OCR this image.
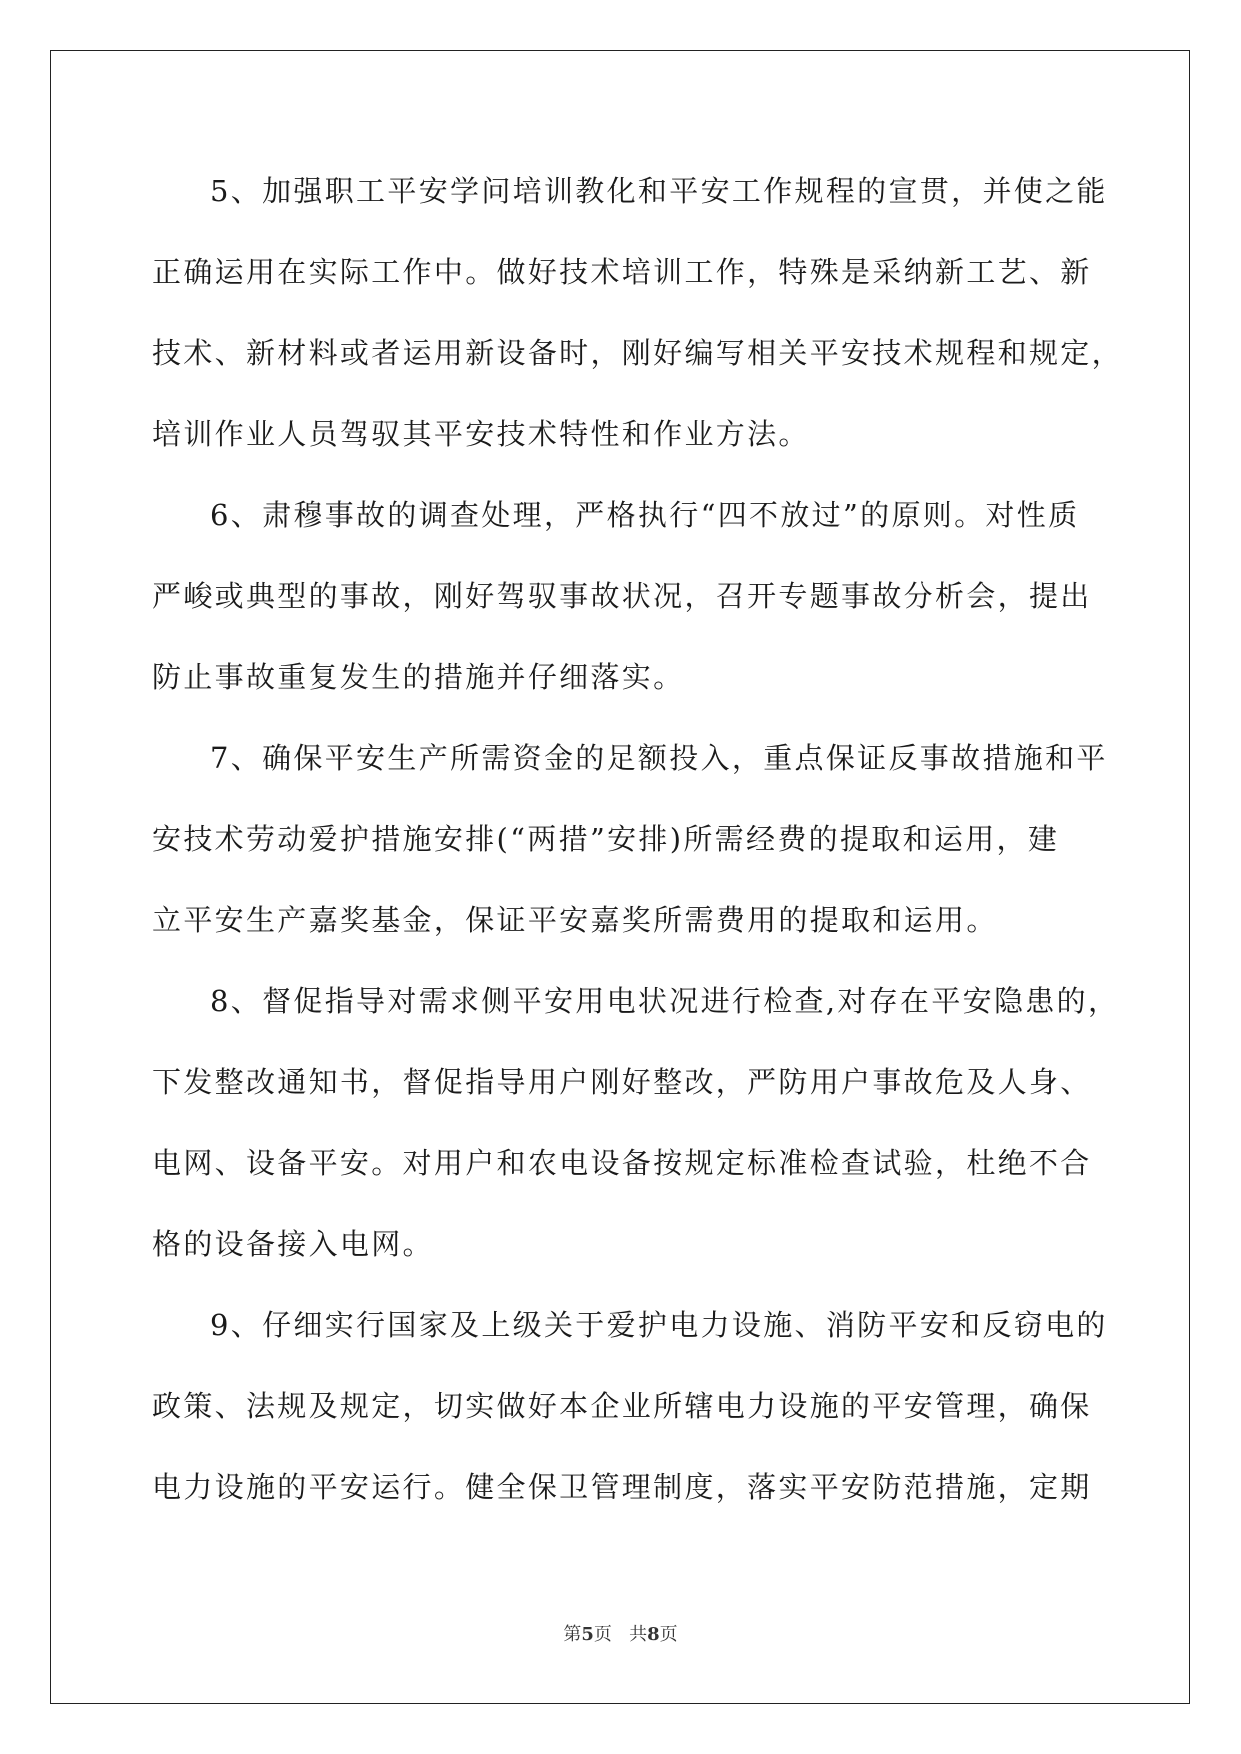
5、加强职工平安学问培训教化和平安工作规程的宣贯，并使之能

正确运用在实际工作中。做好技术培训工作，特殊是采纳新工艺、新

技术、新材料或者运用新设备时，刚好编写相关平安技术规程和规定，

培训作业人员驾驭其平安技术特性和作业方法。

6、肃穆事故的调查处理，严格执行“四不放过”的原则。对性质

严峻或典型的事故，刚好驾驭事故状况，召开专题事故分析会，提出

防止事故重复发生的措施并仔细落实。

7、确保平安生产所需资金的足额投入，重点保证反事故措施和平

安技术劳动爱护措施安排(“两措”安排)所需经费的提取和运用，建

立平安生产嘉奖基金，保证平安嘉奖所需费用的提取和运用。

8、督促指导对需求侧平安用电状况进行检查,对存在平安隐患的，

下发整改通知书，督促指导用户刚好整改，严防用户事故危及人身、

电网、设备平安。对用户和农电设备按规定标准检查试验，杜绝不合

格的设备接入电网。

9、仔细实行国家及上级关于爱护电力设施、消防平安和反窃电的

政策、法规及规定，切实做好本企业所辖电力设施的平安管理，确保

电力设施的平安运行。健全保卫管理制度，落实平安防范措施，定期

第5页 共8页
